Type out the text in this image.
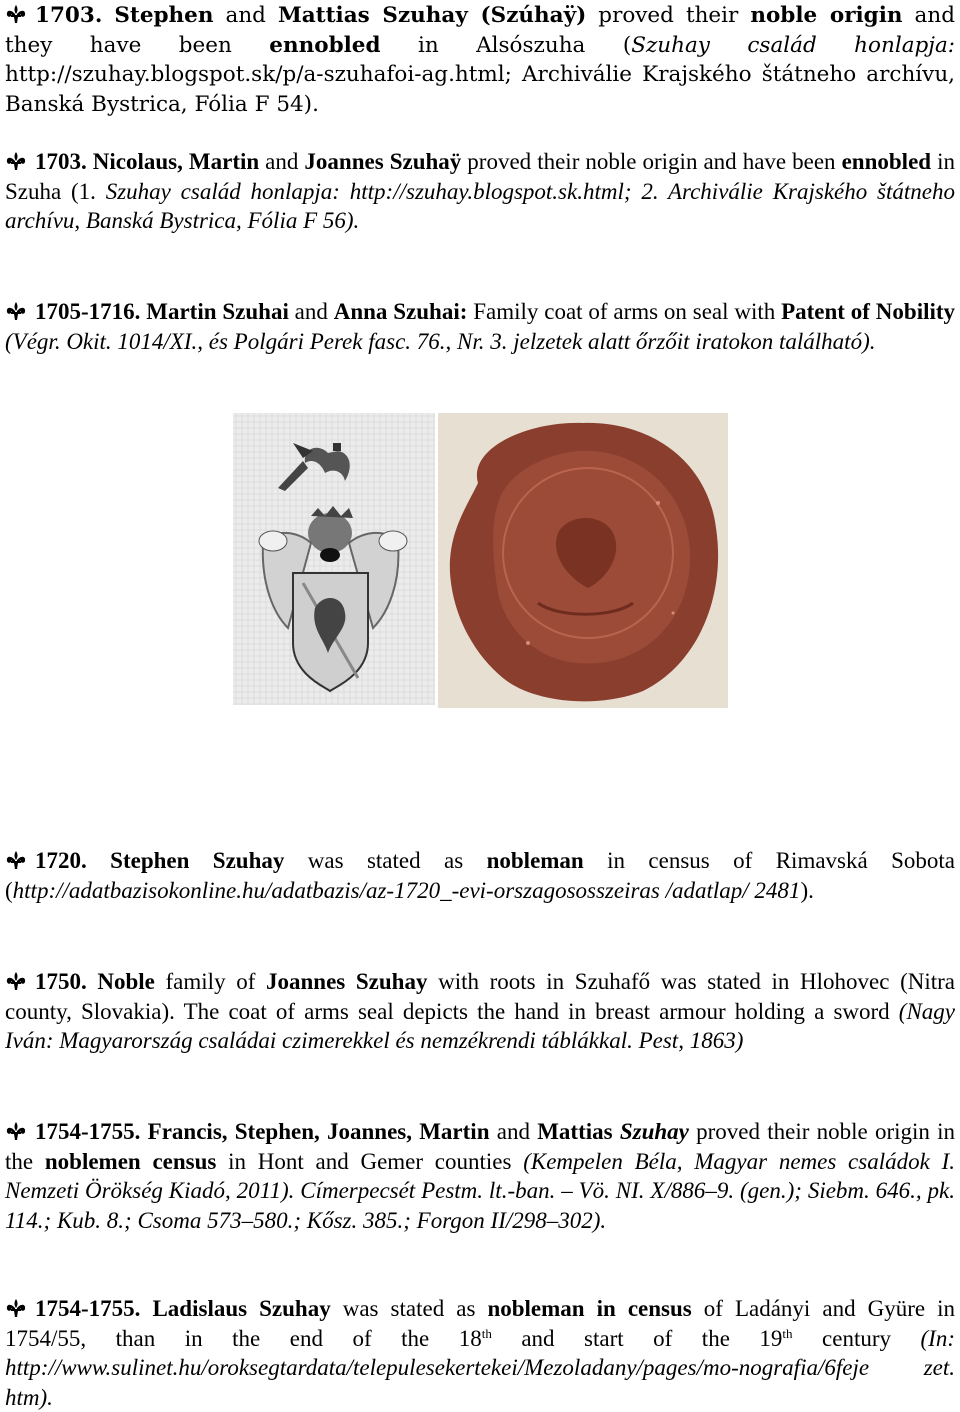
1703. Stephen and Mattias Szuhay (Szúhaÿ) proved their noble origin and they have been ennobled in Alsószuha (Szuhay család honlapja: http://szuhay.blogspot.sk/p/a-szuhafoi-ag.html; Archiválie Krajského štátneho archívu, Banská Bystrica, Fólia F 54).

1703. Nicolaus, Martin and Joannes Szuhaÿ proved their noble origin and have been ennobled in Szuha (1. Szuhay család honlapja: http://szuhay.blogspot.sk.html; 2. Archiválie Krajského štátneho archívu, Banská Bystrica, Fólia F 56).

1705-1716. Martin Szuhai and Anna Szuhai: Family coat of arms on seal with Patent of Nobility (Végr. Okit. 1014/XI., és Polgári Perek fasc. 76., Nr. 3. jelzetek alatt őrzőit iratokon található).

1720. Stephen Szuhay was stated as nobleman in census of Rimavská Sobota (http://adatbazisokonline.hu/adatbazis/az-1720_-evi-orszagososszeiras /adatlap/ 2481).

1750. Noble family of Joannes Szuhay with roots in Szuhafő was stated in Hlohovec (Nitra county, Slovakia). The coat of arms seal depicts the hand in breast armour holding a sword (Nagy Iván: Magyarország családai czimerekkel és nemzékrendi táblákkal. Pest, 1863)

1754-1755. Francis, Stephen, Joannes, Martin and Mattias Szuhay proved their noble origin in the noblemen census in Hont and Gemer counties (Kempelen Béla, Magyar nemes családok I. Nemzeti Örökség Kiadó, 2011). Címerpecsét Pestm. lt.-ban. – Vö. NI. X/886–9. (gen.); Siebm. 646., pk. 114.; Kub. 8.; Csoma 573–580.; Kősz. 385.; Forgon II/298–302).

1754-1755. Ladislaus Szuhay was stated as nobleman in census of Ladányi and Gyüre in 1754/55, than in the end of the 18th and start of the 19th century (In: http://www.sulinet.hu/oroksegtardata/telepulesekertekei/Mezoladany/pages/mo-nografia/6feje zet. htm).
